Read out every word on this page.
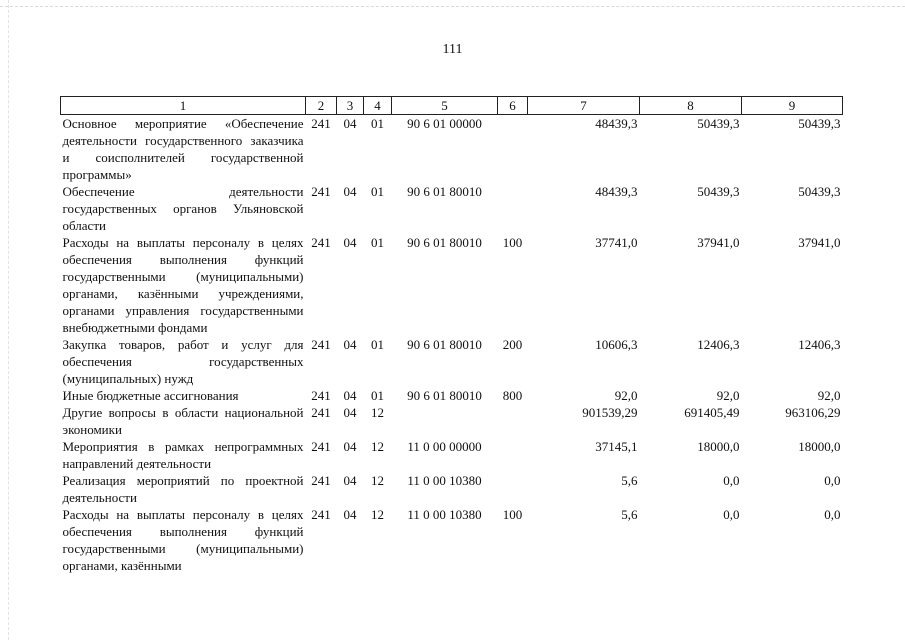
111
1	2	3	4	5	6	7	8	9
Основное мероприятие «Обеспечение деятельности государственного заказчика и соисполнителей государственной программы»	241	04	01	90 6 01 00000		48439,3	50439,3	50439,3
Обеспечение деятельности государственных органов Ульяновской области	241	04	01	90 6 01 80010		48439,3	50439,3	50439,3
Расходы на выплаты персоналу в целях обеспечения выполнения функций государственными (муниципальными) органами, казёнными учреждениями, органами управления государственными внебюджетными фондами	241	04	01	90 6 01 80010	100	37741,0	37941,0	37941,0
Закупка товаров, работ и услуг для обеспечения государственных (муниципальных) нужд	241	04	01	90 6 01 80010	200	10606,3	12406,3	12406,3
Иные бюджетные ассигнования	241	04	01	90 6 01 80010	800	92,0	92,0	92,0
Другие вопросы в области национальной экономики	241	04	12			901539,29	691405,49	963106,29
Мероприятия в рамках непрограммных направлений деятельности	241	04	12	11 0 00 00000		37145,1	18000,0	18000,0
Реализация мероприятий по проектной деятельности	241	04	12	11 0 00 10380		5,6	0,0	0,0
Расходы на выплаты персоналу в целях обеспечения выполнения функций государственными (муниципальными) органами, казёнными	241	04	12	11 0 00 10380	100	5,6	0,0	0,0
